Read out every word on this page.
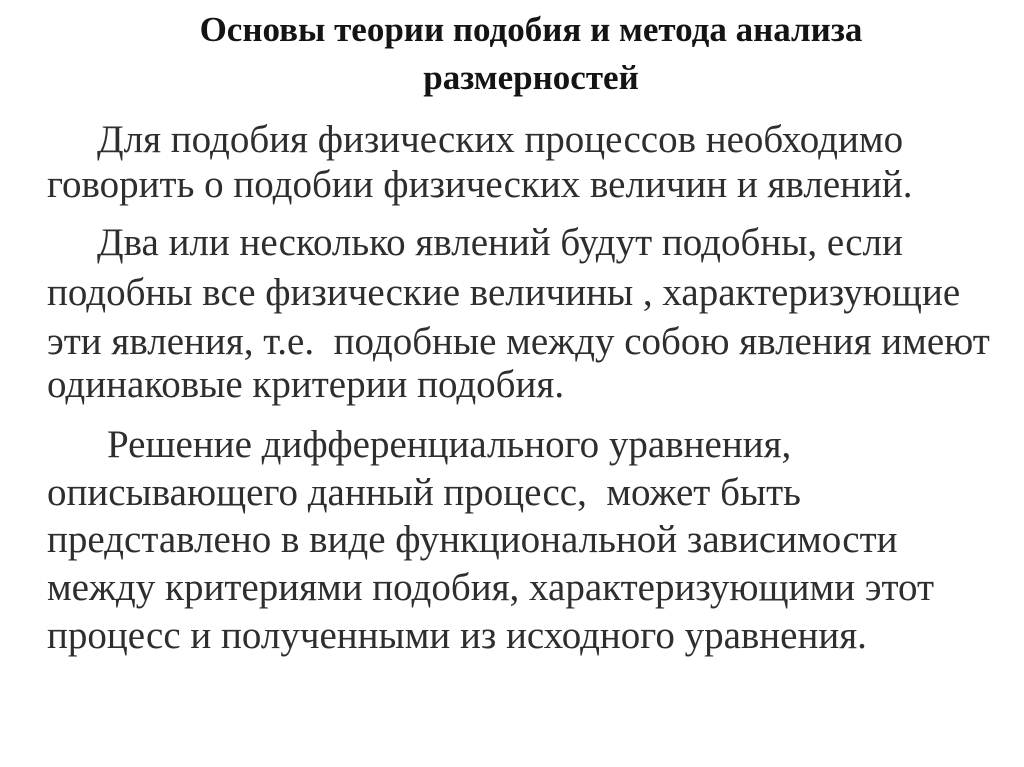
Основы теории подобия и метода анализа
размерностей
Для подобия физических процессов необходимо
говорить о подобии физических величин и явлений.
Два или несколько явлений будут подобны, если
подобны все физические величины , характеризующие
эти явления, т.е.  подобные между собою явления имеют
одинаковые критерии подобия.
Решение дифференциального уравнения,
описывающего данный процесс,  может быть
представлено в виде функциональной зависимости
между критериями подобия, характеризующими этот
процесс и полученными из исходного уравнения.
